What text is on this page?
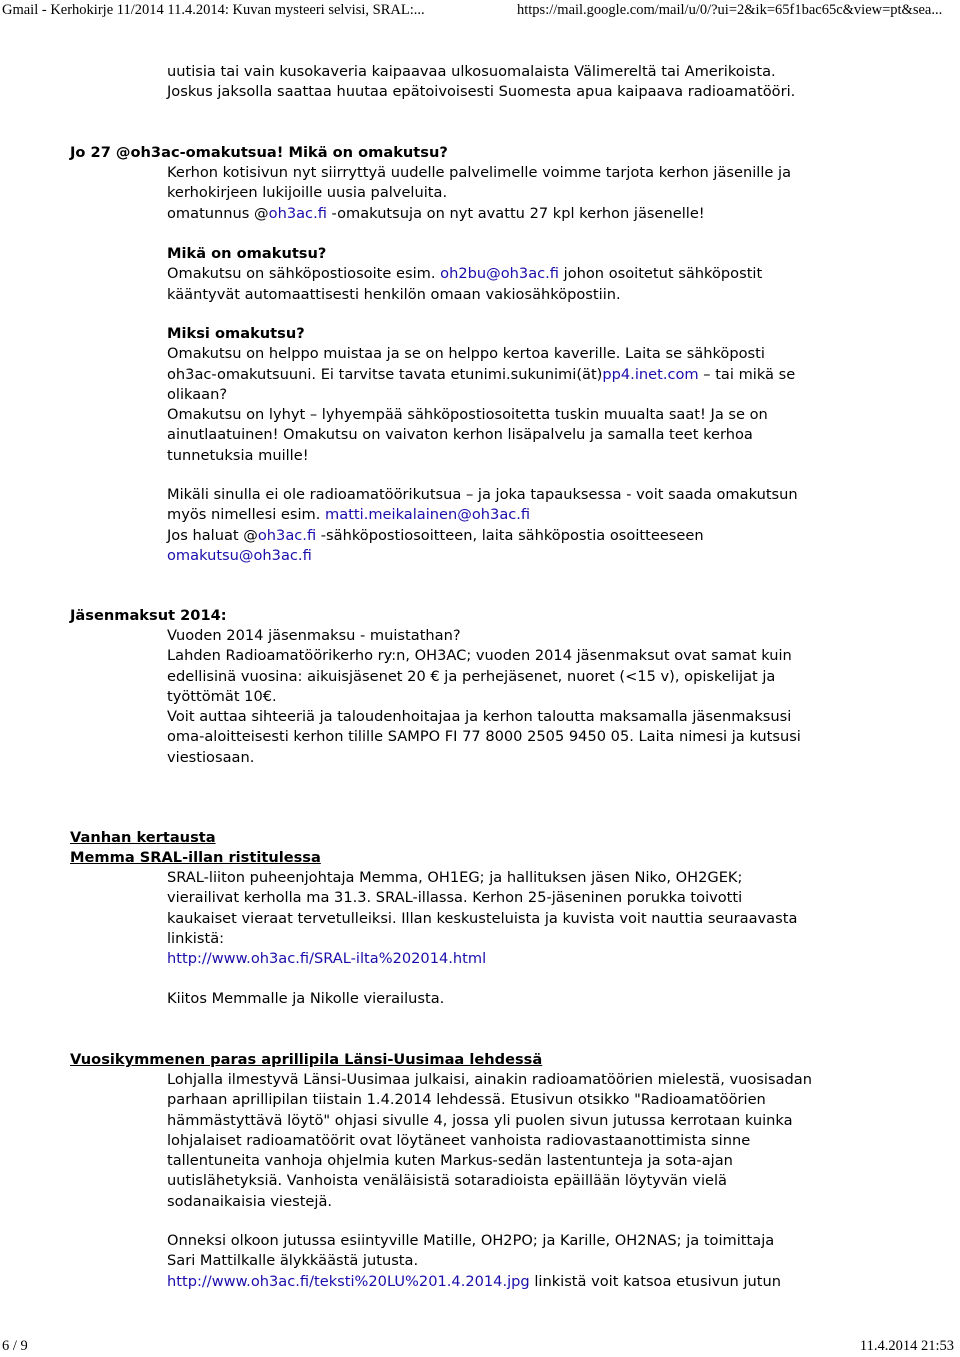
Gmail - Kerhokirje 11/2014 11.4.2014: Kuvan mysteeri selvisi, SRAL:...	https://mail.google.com/mail/u/0/?ui=2&ik=65f1bac65c&view=pt&sea...
uutisia tai vain kusokaveria kaipaavaa ulkosuomalaista Välimereltä tai Amerikoista.
Joskus jaksolla saattaa huutaa epätoivoisesti Suomesta apua kaipaava radioamatööri.
Jo 27 @oh3ac-omakutsua! Mikä on omakutsu?
Kerhon kotisivun nyt siirryttyä uudelle palvelimelle voimme tarjota kerhon jäsenille ja
kerhokirjeen lukijoille uusia palveluita.
omatunnus @oh3ac.fi -omakutsuja on nyt avattu 27 kpl kerhon jäsenelle!
Mikä on omakutsu?
Omakutsu on sähköpostiosoite esim. oh2bu@oh3ac.fi johon osoitetut sähköpostit
kääntyvät automaattisesti henkilön omaan vakiosähköpostiin.
Miksi omakutsu?
Omakutsu on helppo muistaa ja se on helppo kertoa kaverille. Laita se sähköposti
oh3ac-omakutsuuni. Ei tarvitse tavata etunimi.sukunimi(ät)pp4.inet.com – tai mikä se
olikaan?
Omakutsu on lyhyt – lyhyempää sähköpostiosoitetta tuskin muualta saat! Ja se on
ainutlaatuinen! Omakutsu on vaivaton kerhon lisäpalvelu ja samalla teet kerhoa
tunnetuksia muille!
Mikäli sinulla ei ole radioamatöörikutsua – ja joka tapauksessa - voit saada omakutsun
myös nimellesi esim. matti.meikalainen@oh3ac.fi
Jos haluat @oh3ac.fi -sähköpostiosoitteen, laita sähköpostia osoitteeseen
omakutsu@oh3ac.fi
Jäsenmaksut 2014:
Vuoden 2014 jäsenmaksu - muistathan?
Lahden Radioamatöörikerho ry:n, OH3AC; vuoden 2014 jäsenmaksut ovat samat kuin
edellisinä vuosina: aikuisjäsenet 20 € ja perhejäsenet, nuoret (<15 v), opiskelijat ja
työttömät 10€.
Voit auttaa sihteeriä ja taloudenhoitajaa ja kerhon taloutta maksamalla jäsenmaksusi
oma-aloitteisesti kerhon tilille SAMPO FI 77 8000 2505 9450 05. Laita nimesi ja kutsusi
viestiosaan.
Vanhan kertausta
Memma SRAL-illan ristitulessa
SRAL-liiton puheenjohtaja Memma, OH1EG; ja hallituksen jäsen Niko, OH2GEK;
vierailivat kerholla ma 31.3. SRAL-illassa. Kerhon 25-jäseninen porukka toivotti
kaukaiset vieraat tervetulleiksi. Illan keskusteluista ja kuvista voit nauttia seuraavasta
linkistä:
http://www.oh3ac.fi/SRAL-ilta%202014.html
Kiitos Memmalle ja Nikolle vierailusta.
Vuosikymmenen paras aprillipila Länsi-Uusimaa lehdessä
Lohjalla ilmestyvä Länsi-Uusimaa julkaisi, ainakin radioamatöörien mielestä, vuosisadan
parhaan aprillipilan tiistain 1.4.2014 lehdessä. Etusivun otsikko "Radioamatöörien
hämmästyttävä löytö" ohjasi sivulle 4, jossa yli puolen sivun jutussa kerrotaan kuinka
lohjalaiset radioamatöörit ovat löytäneet vanhoista radiovastaanottimista sinne
tallentuneita vanhoja ohjelmia kuten Markus-sedän lastentunteja ja sota-ajan
uutislähetyksiä. Vanhoista venäläisistä sotaradioista epäillään löytyvän vielä
sodanaikaisia viestejä.
Onneksi olkoon jutussa esiintyville Matille, OH2PO; ja Karille, OH2NAS; ja toimittaja
Sari Mattilkalle älykkäästä jutusta.
http://www.oh3ac.fi/teksti%20LU%201.4.2014.jpg linkistä voit katsoa etusivun jutun
6 / 9	11.4.2014 21:53
